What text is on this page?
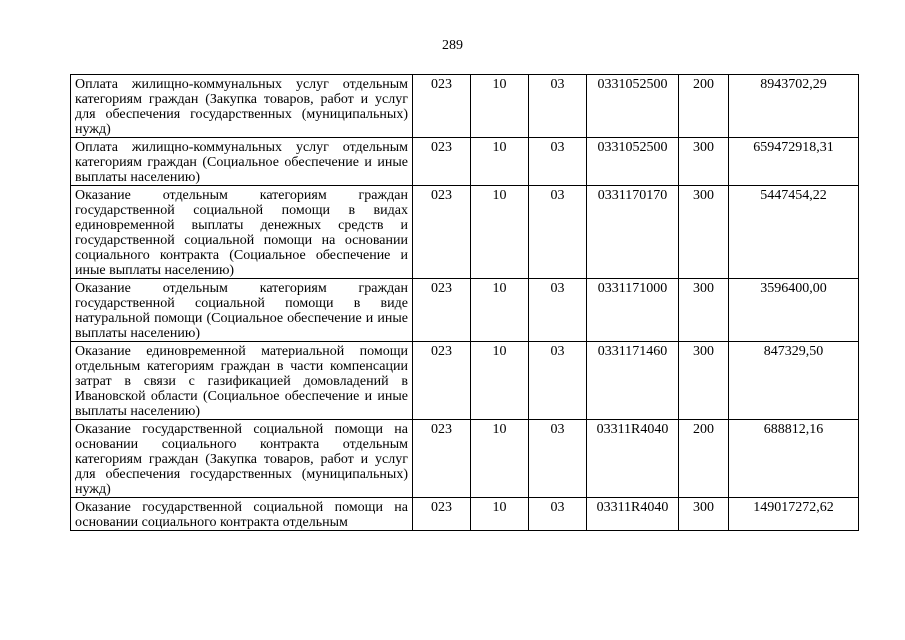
289
Оплата жилищно-коммунальных услуг отдельным категориям граждан (Закупка товаров, работ и услуг для обеспечения государственных (муниципальных) нужд)	023	10	03	0331052500	200	8943702,29
Оплата жилищно-коммунальных услуг отдельным категориям граждан (Социальное обеспечение и иные выплаты населению)	023	10	03	0331052500	300	659472918,31
Оказание отдельным категориям граждан государственной социальной помощи в видах единовременной выплаты денежных средств и государственной социальной помощи на основании социального контракта (Социальное обеспечение и иные выплаты населению)	023	10	03	0331170170	300	5447454,22
Оказание отдельным категориям граждан государственной социальной помощи в виде натуральной помощи (Социальное обеспечение и иные выплаты населению)	023	10	03	0331171000	300	3596400,00
Оказание единовременной материальной помощи отдельным категориям граждан в части компенсации затрат в связи с газификацией домовладений в Ивановской области (Социальное обеспечение и иные выплаты населению)	023	10	03	0331171460	300	847329,50
Оказание государственной социальной помощи на основании социального контракта отдельным категориям граждан (Закупка товаров, работ и услуг для обеспечения государственных (муниципальных) нужд)	023	10	03	03311R4040	200	688812,16
Оказание государственной социальной помощи на основании социального контракта отдельным	023	10	03	03311R4040	300	149017272,62
